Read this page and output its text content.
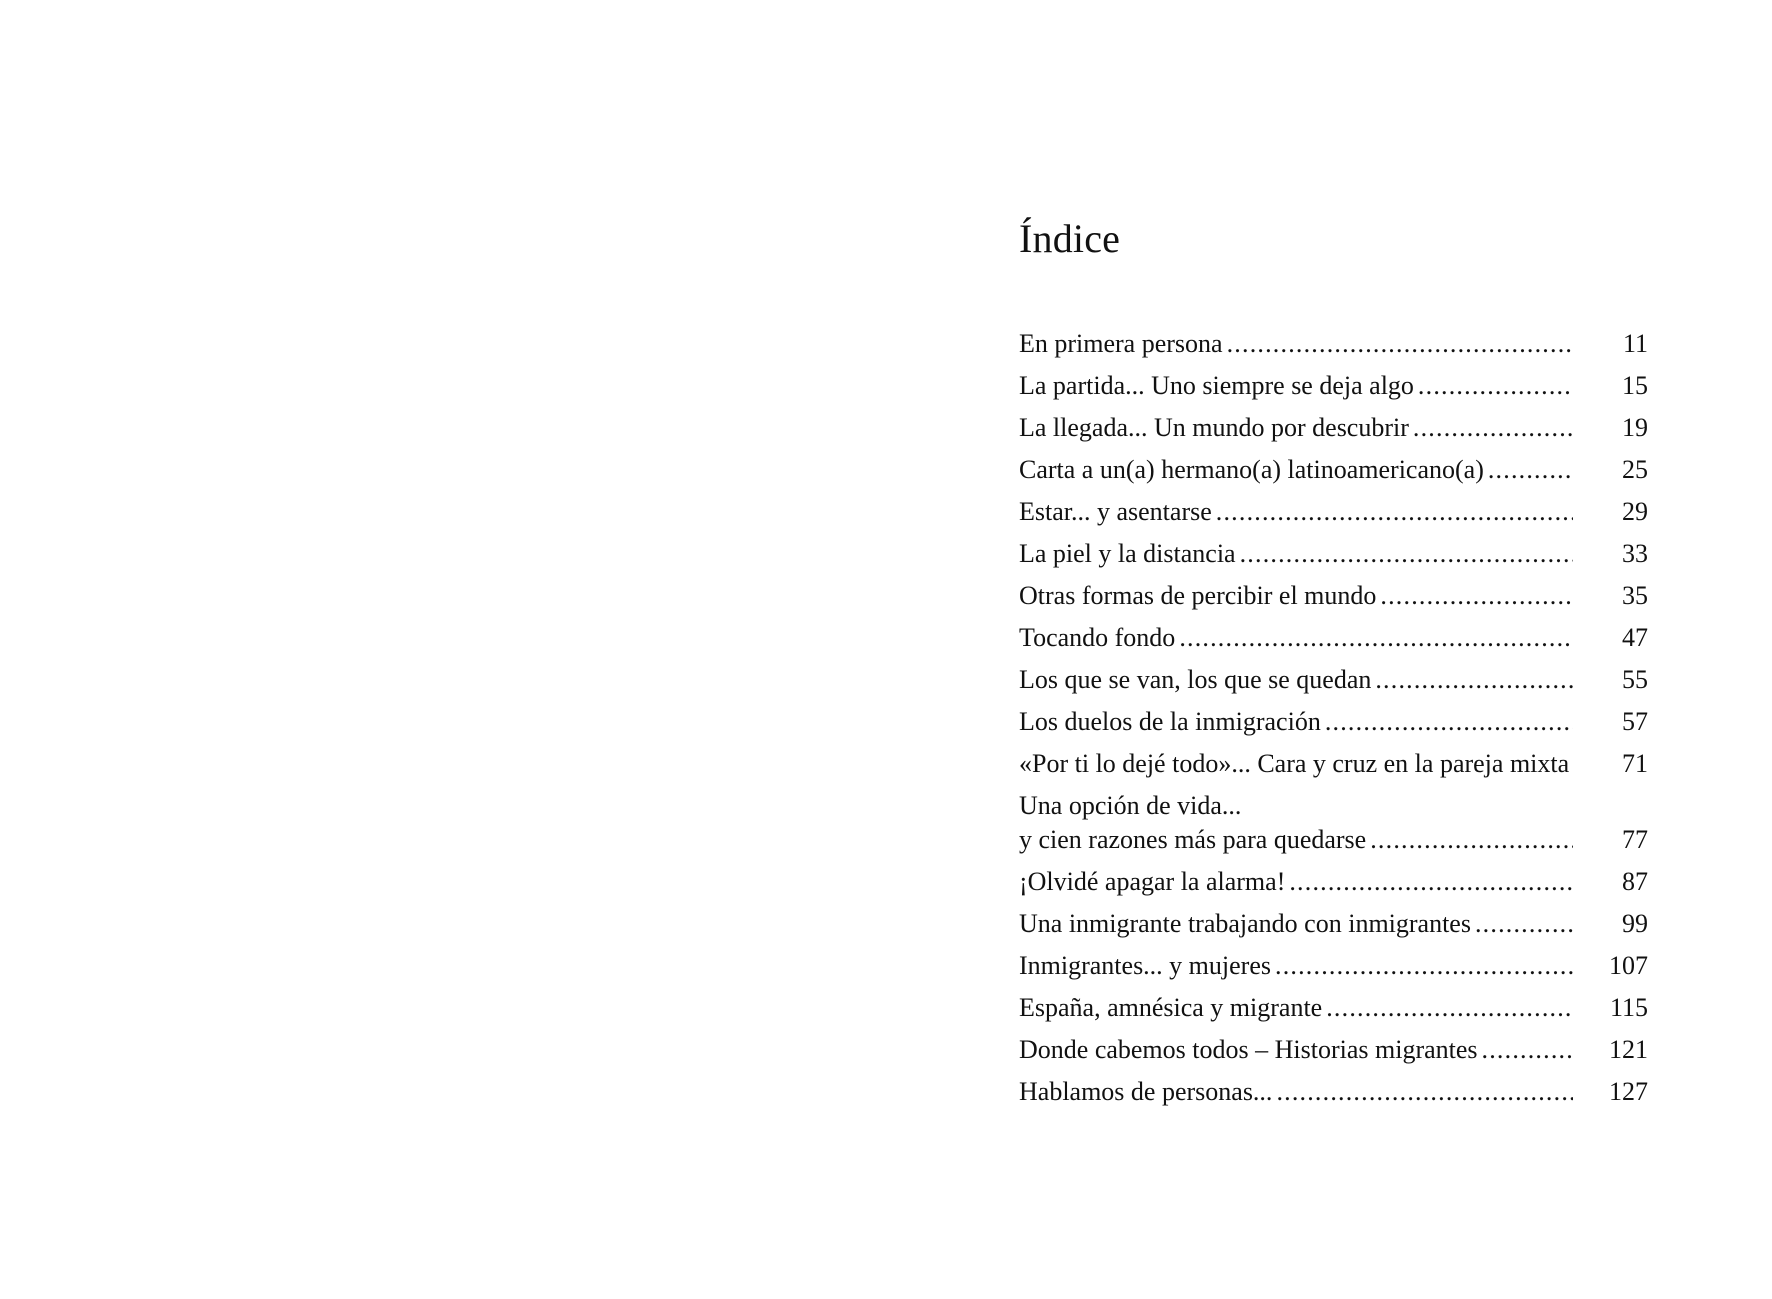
Índice
En primera persona .....	11
La partida... Uno siempre se deja algo .....	15
La llegada... Un mundo por descubrir .....	19
Carta a un(a) hermano(a) latinoamericano(a) .....	25
Estar... y asentarse .....	29
La piel y la distancia .....	33
Otras formas de percibir el mundo .....	35
Tocando fondo .....	47
Los que se van, los que se quedan .....	55
Los duelos de la inmigración .....	57
«Por ti lo dejé todo»... Cara y cruz en la pareja mixta	71
Una opción de vida...
y cien razones más para quedarse .....	77
¡Olvidé apagar la alarma! .....	87
Una inmigrante trabajando con inmigrantes .....	99
Inmigrantes... y mujeres .....	107
España, amnésica y migrante .....	115
Donde cabemos todos – Historias migrantes .....	121
Hablamos de personas... .....	127
